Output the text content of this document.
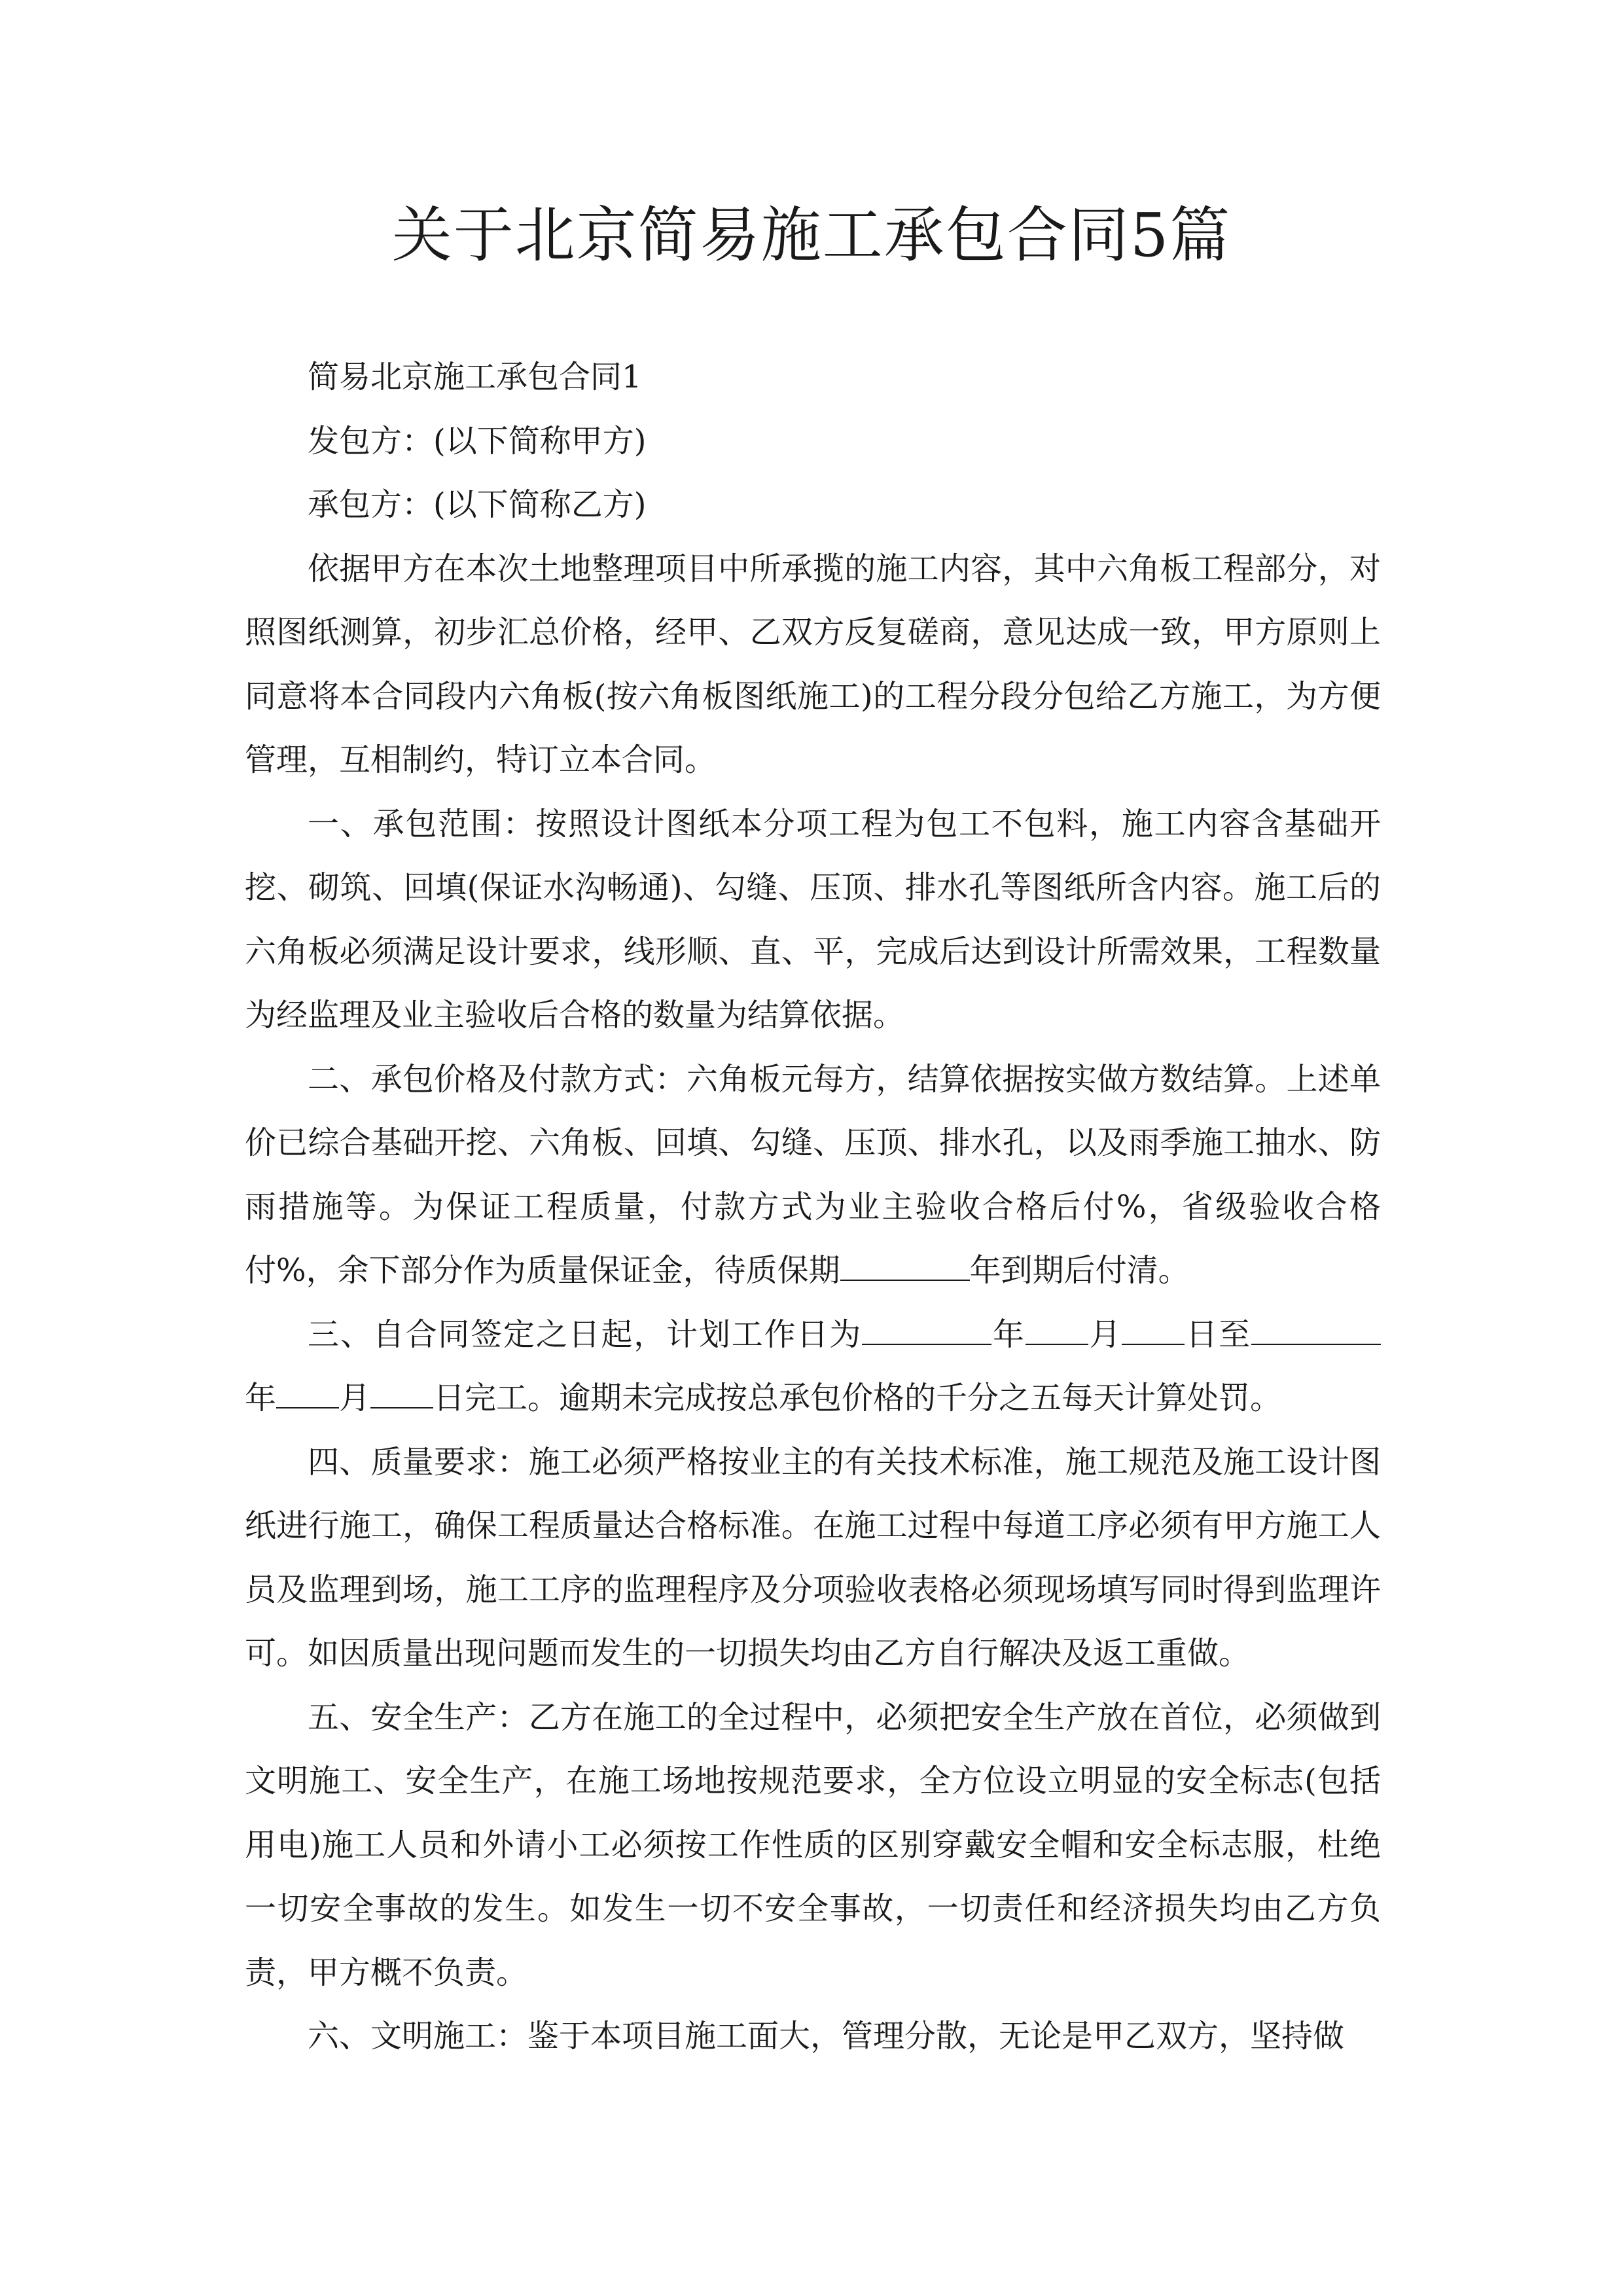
关于北京简易施工承包合同5篇

简易北京施工承包合同1

发包方：(以下简称甲方)

承包方：(以下简称乙方)

依据甲方在本次土地整理项目中所承揽的施工内容，其中六角板工程部分，对照图纸测算，初步汇总价格，经甲、乙双方反复磋商，意见达成一致，甲方原则上同意将本合同段内六角板(按六角板图纸施工)的工程分段分包给乙方施工，为方便管理，互相制约，特订立本合同。

一、承包范围：按照设计图纸本分项工程为包工不包料，施工内容含基础开挖、砌筑、回填(保证水沟畅通)、勾缝、压顶、排水孔等图纸所含内容。施工后的六角板必须满足设计要求，线形顺、直、平，完成后达到设计所需效果，工程数量为经监理及业主验收后合格的数量为结算依据。

二、承包价格及付款方式：六角板元每方，结算依据按实做方数结算。上述单价已综合基础开挖、六角板、回填、勾缝、压顶、排水孔，以及雨季施工抽水、防雨措施等。为保证工程质量，付款方式为业主验收合格后付%，省级验收合格付%，余下部分作为质量保证金，待质保期	年到期后付清。

三、自合同签定之日起，计划工作日为	年 月 日至年 月 日完工。逾期未完成按总承包价格的千分之五每天计算处罚。

四、质量要求：施工必须严格按业主的有关技术标准，施工规范及施工设计图纸进行施工，确保工程质量达合格标准。在施工过程中每道工序必须有甲方施工人员及监理到场，施工工序的监理程序及分项验收表格必须现场填写同时得到监理许可。如因质量出现问题而发生的一切损失均由乙方自行解决及返工重做。

五、安全生产：乙方在施工的全过程中，必须把安全生产放在首位，必须做到文明施工、安全生产，在施工场地按规范要求，全方位设立明显的安全标志(包括用电)施工人员和外请小工必须按工作性质的区别穿戴安全帽和安全标志服，杜绝一切安全事故的发生。如发生一切不安全事故，一切责任和经济损失均由乙方负责，甲方概不负责。

六、文明施工：鉴于本项目施工面大，管理分散，无论是甲乙双方，坚持做
